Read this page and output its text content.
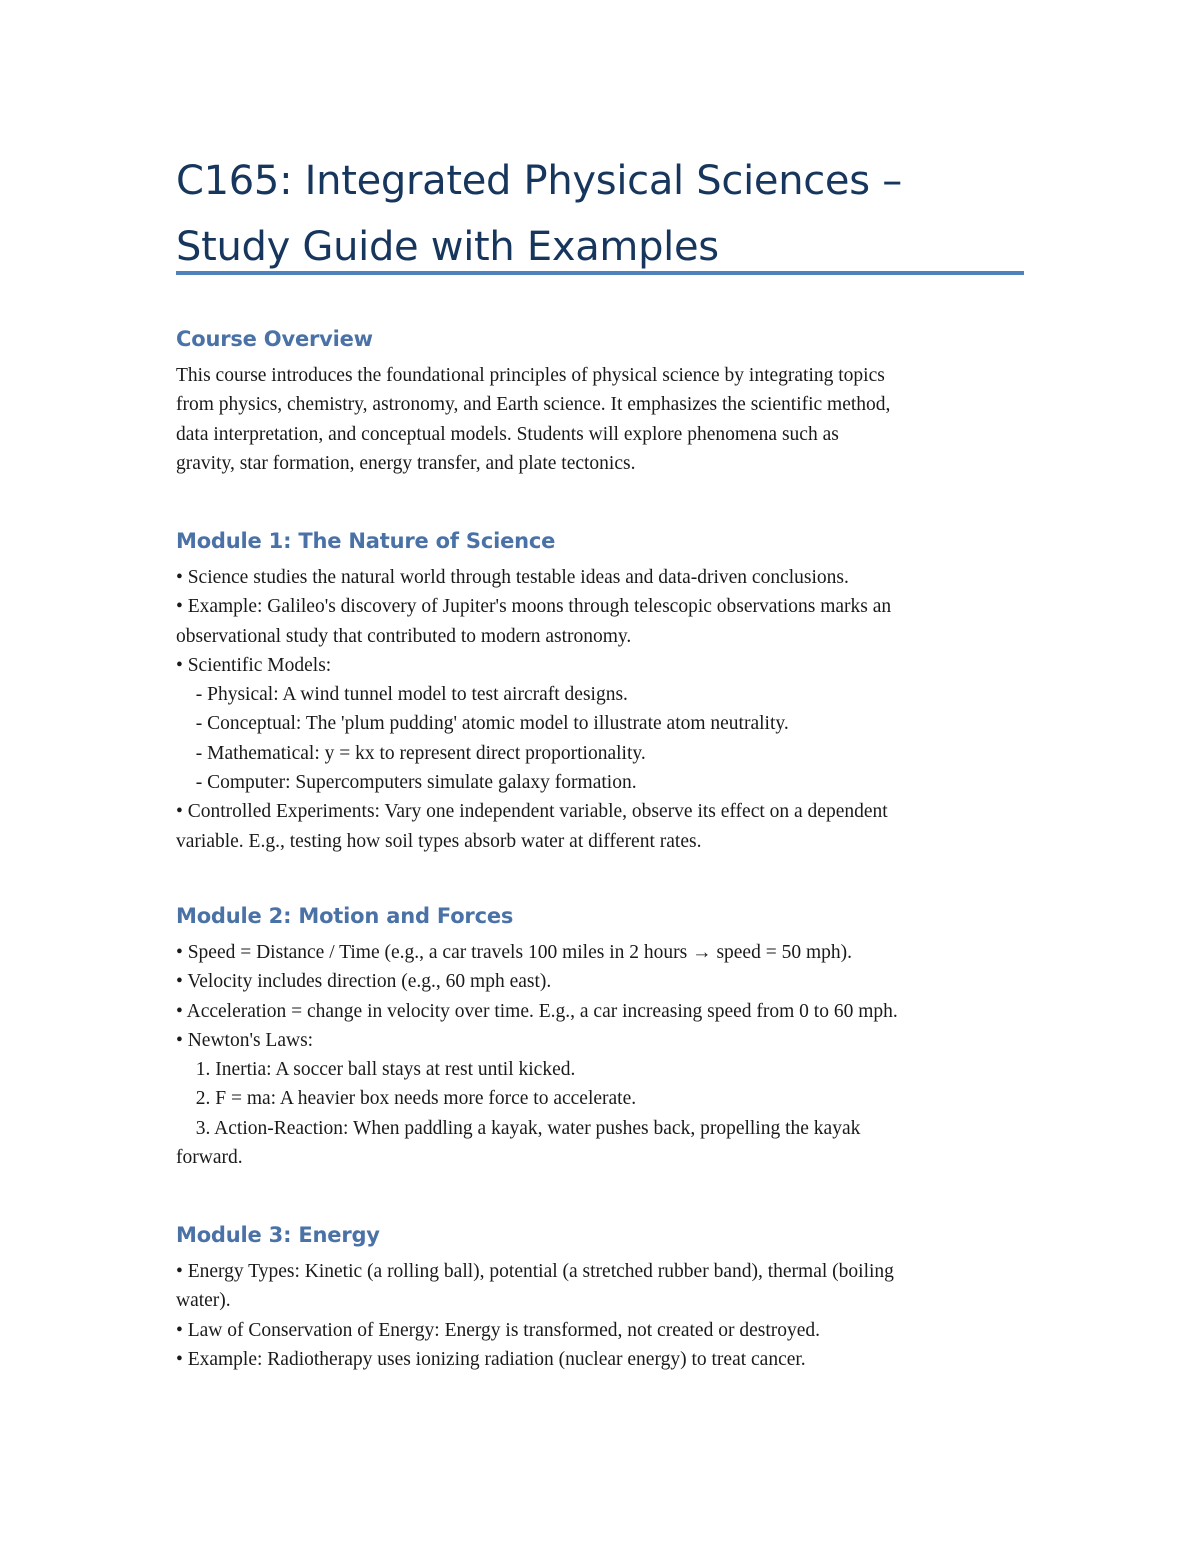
C165: Integrated Physical Sciences –
Study Guide with Examples
Course Overview
This course introduces the foundational principles of physical science by integrating topics
from physics, chemistry, astronomy, and Earth science. It emphasizes the scientific method,
data interpretation, and conceptual models. Students will explore phenomena such as
gravity, star formation, energy transfer, and plate tectonics.
Module 1: The Nature of Science
• Science studies the natural world through testable ideas and data-driven conclusions.
• Example: Galileo's discovery of Jupiter's moons through telescopic observations marks an
observational study that contributed to modern astronomy.
• Scientific Models:
- Physical: A wind tunnel model to test aircraft designs.
- Conceptual: The 'plum pudding' atomic model to illustrate atom neutrality.
- Mathematical: y = kx to represent direct proportionality.
- Computer: Supercomputers simulate galaxy formation.
• Controlled Experiments: Vary one independent variable, observe its effect on a dependent
variable. E.g., testing how soil types absorb water at different rates.
Module 2: Motion and Forces
• Speed = Distance / Time (e.g., a car travels 100 miles in 2 hours → speed = 50 mph).
• Velocity includes direction (e.g., 60 mph east).
• Acceleration = change in velocity over time. E.g., a car increasing speed from 0 to 60 mph.
• Newton's Laws:
1. Inertia: A soccer ball stays at rest until kicked.
2. F = ma: A heavier box needs more force to accelerate.
3. Action-Reaction: When paddling a kayak, water pushes back, propelling the kayak
forward.
Module 3: Energy
• Energy Types: Kinetic (a rolling ball), potential (a stretched rubber band), thermal (boiling
water).
• Law of Conservation of Energy: Energy is transformed, not created or destroyed.
• Example: Radiotherapy uses ionizing radiation (nuclear energy) to treat cancer.
